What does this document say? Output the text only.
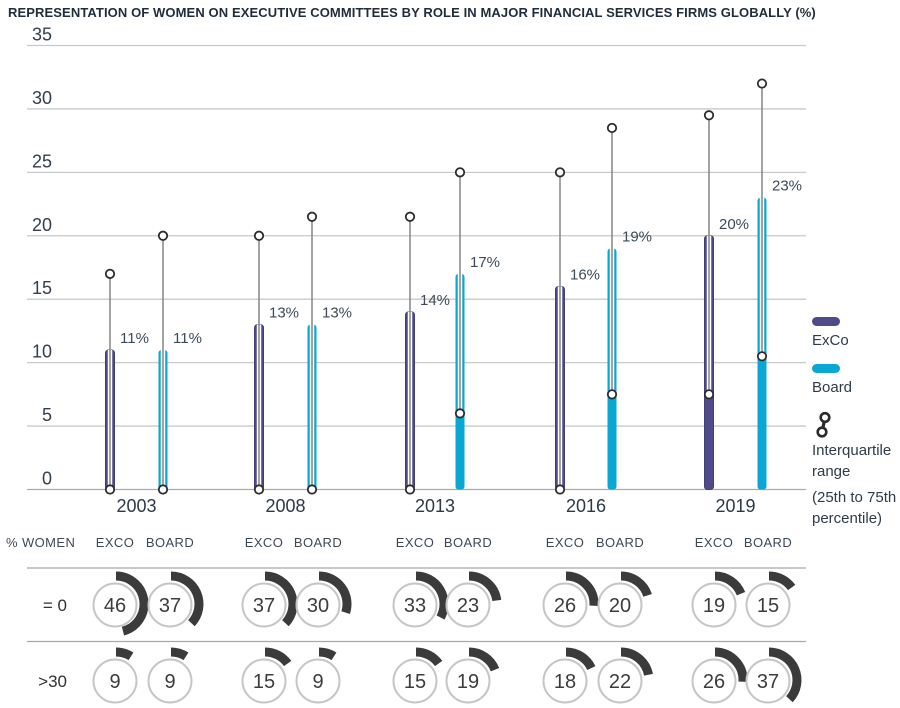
REPRESENTATION OF WOMEN ON EXECUTIVE COMMITTEES BY ROLE IN MAJOR FINANCIAL SERVICES FIRMS GLOBALLY (%)
35
30
25
20
15
10
5
0
11%
13%
14%
16%
20%
11%
13%
17%
19%
23%
2003	2008	2013	2016	2019
% WOMEN EXCO BOARD	EXCO BOARD	EXCO BOARD	EXCO BOARD	EXCO BOARD
= 0 46 37	37 30	33 23	26 20	19 15
>30 9 9	15 9	15 19	18 22	26 37
ExCo
Board
Interquartile range
(25th to 75th percentile)
